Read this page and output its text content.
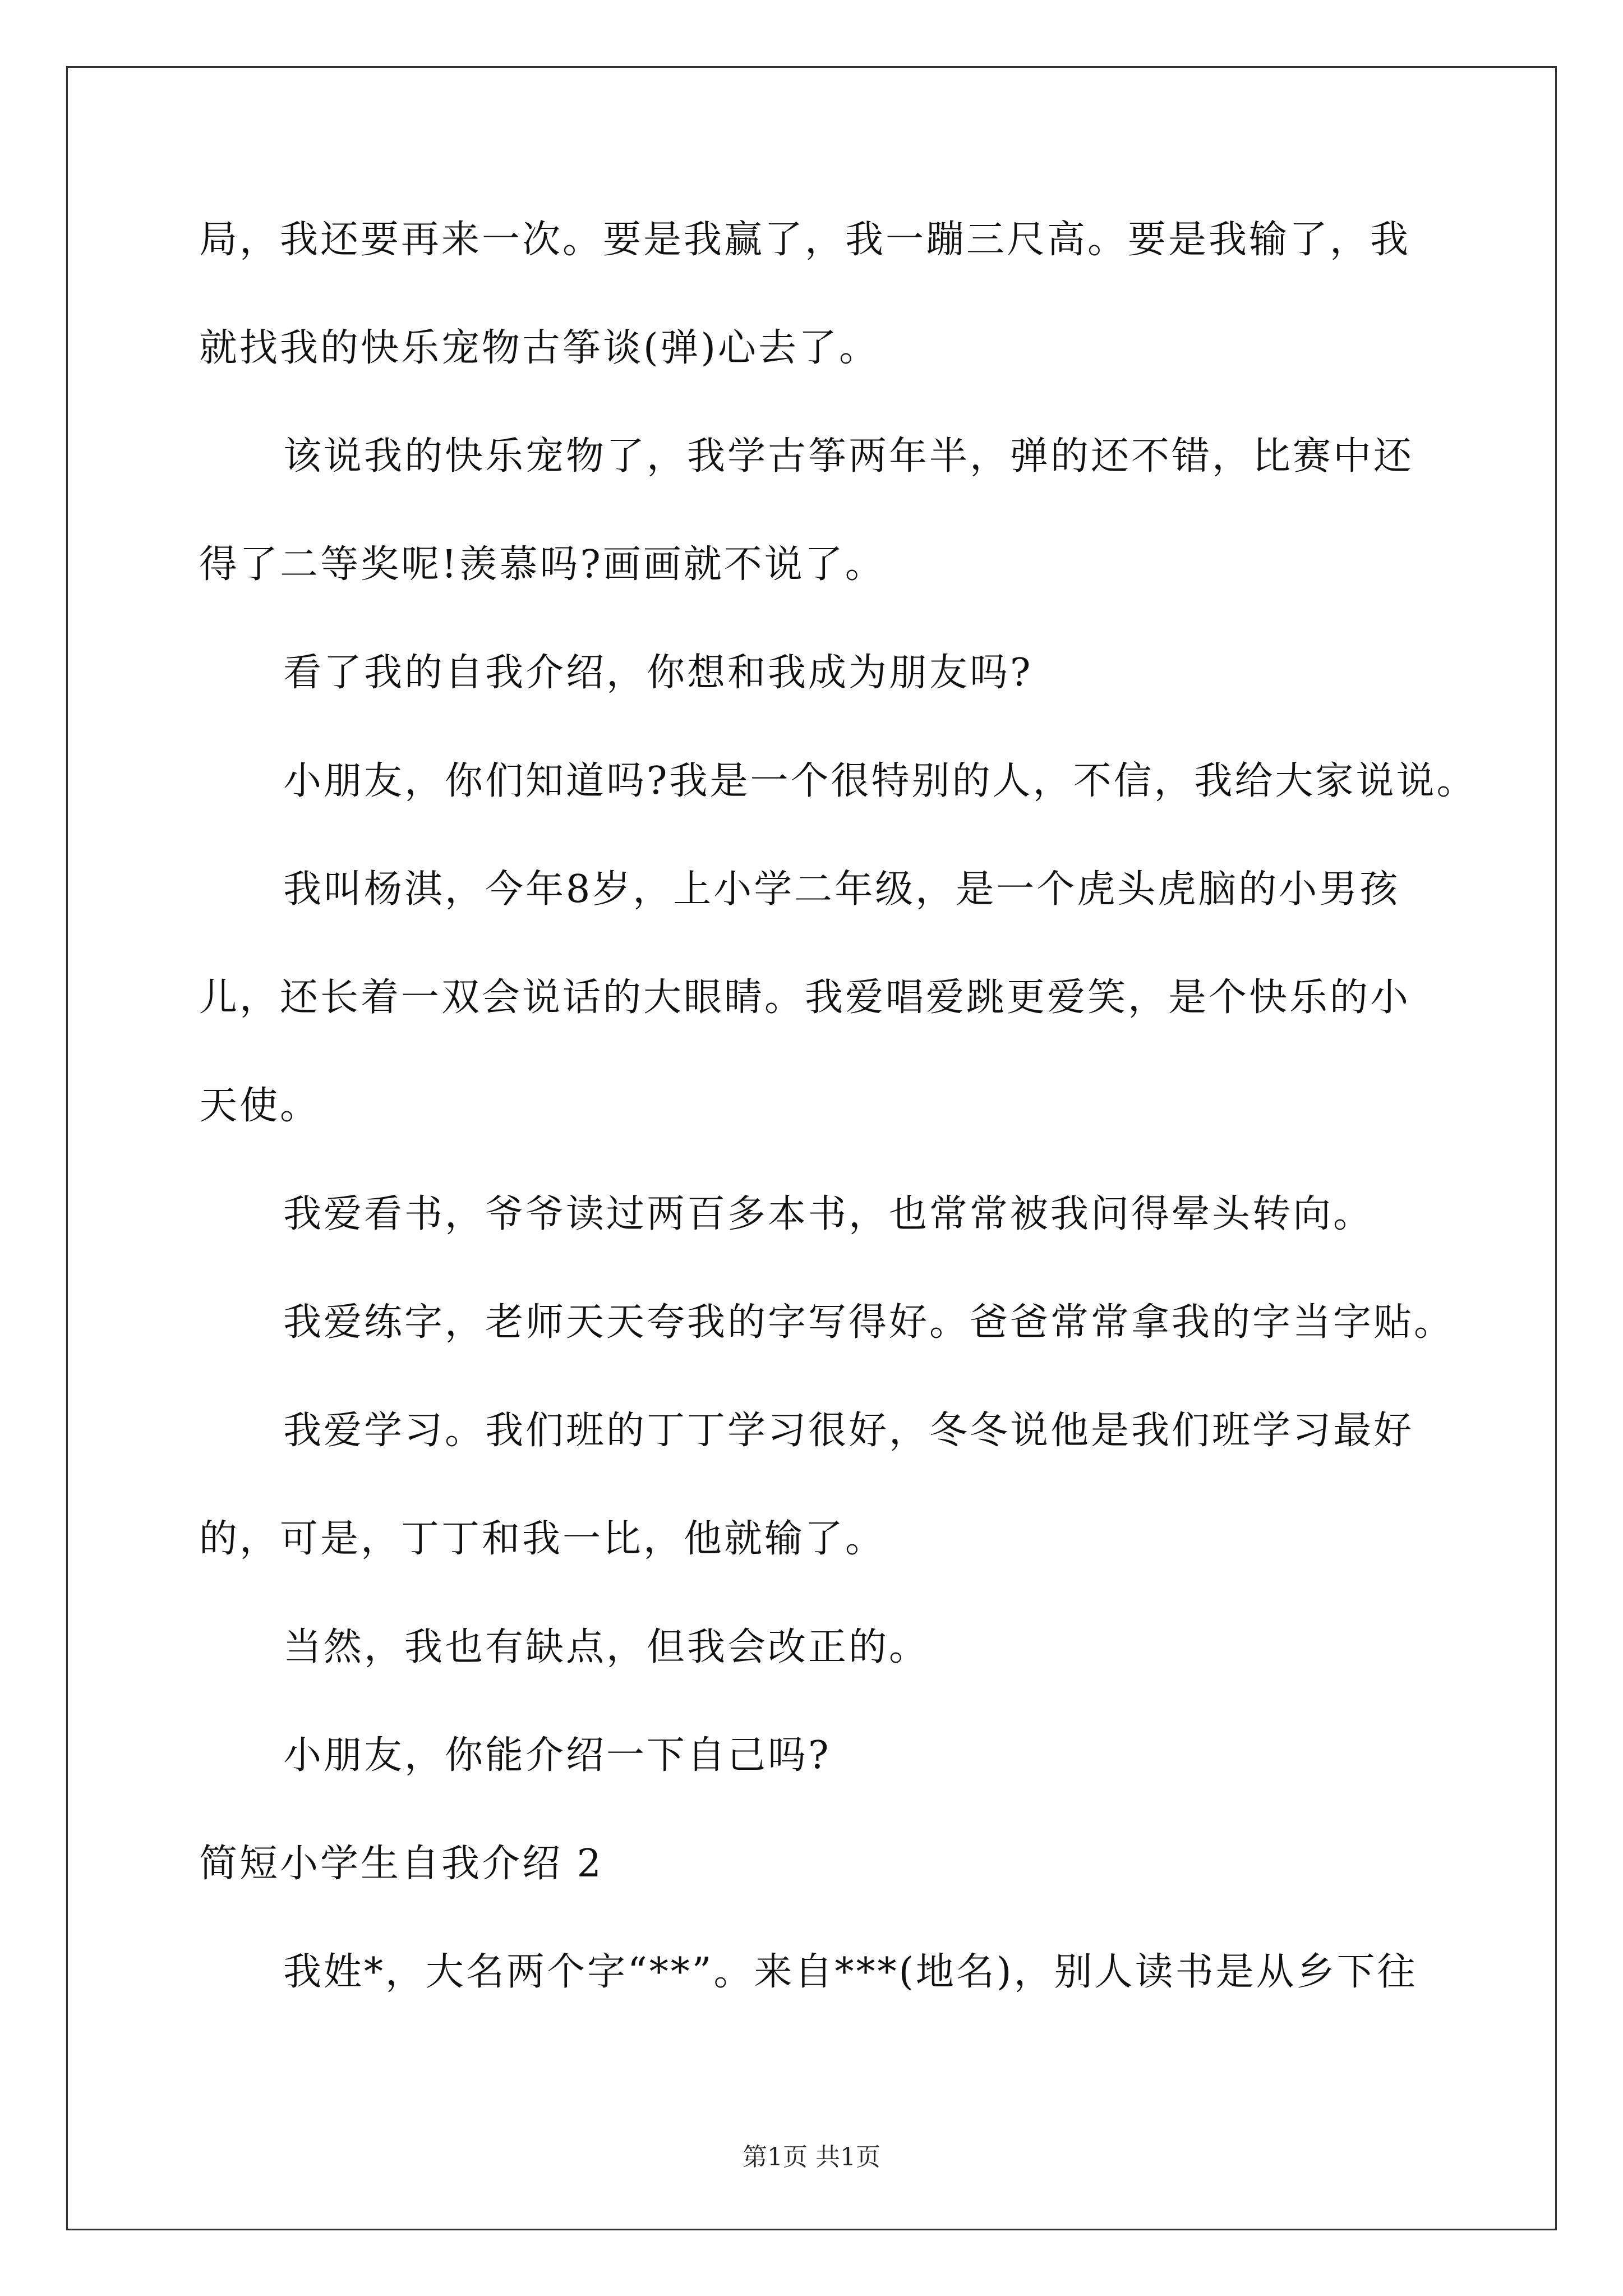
局，我还要再来一次。要是我赢了，我一蹦三尺高。要是我输了，我
就找我的快乐宠物古筝谈(弹)心去了。
该说我的快乐宠物了，我学古筝两年半，弹的还不错，比赛中还
得了二等奖呢!羡慕吗?画画就不说了。
看了我的自我介绍，你想和我成为朋友吗?
小朋友，你们知道吗?我是一个很特别的人，不信，我给大家说说。
我叫杨淇，今年8岁，上小学二年级，是一个虎头虎脑的小男孩
儿，还长着一双会说话的大眼睛。我爱唱爱跳更爱笑，是个快乐的小
天使。
我爱看书，爷爷读过两百多本书，也常常被我问得晕头转向。
我爱练字，老师天天夸我的字写得好。爸爸常常拿我的字当字贴。
我爱学习。我们班的丁丁学习很好，冬冬说他是我们班学习最好
的，可是，丁丁和我一比，他就输了。
当然，我也有缺点，但我会改正的。
小朋友，你能介绍一下自己吗?
简短小学生自我介绍 2
我姓*，大名两个字“**”。来自***(地名)，别人读书是从乡下往
第1页 共1页
